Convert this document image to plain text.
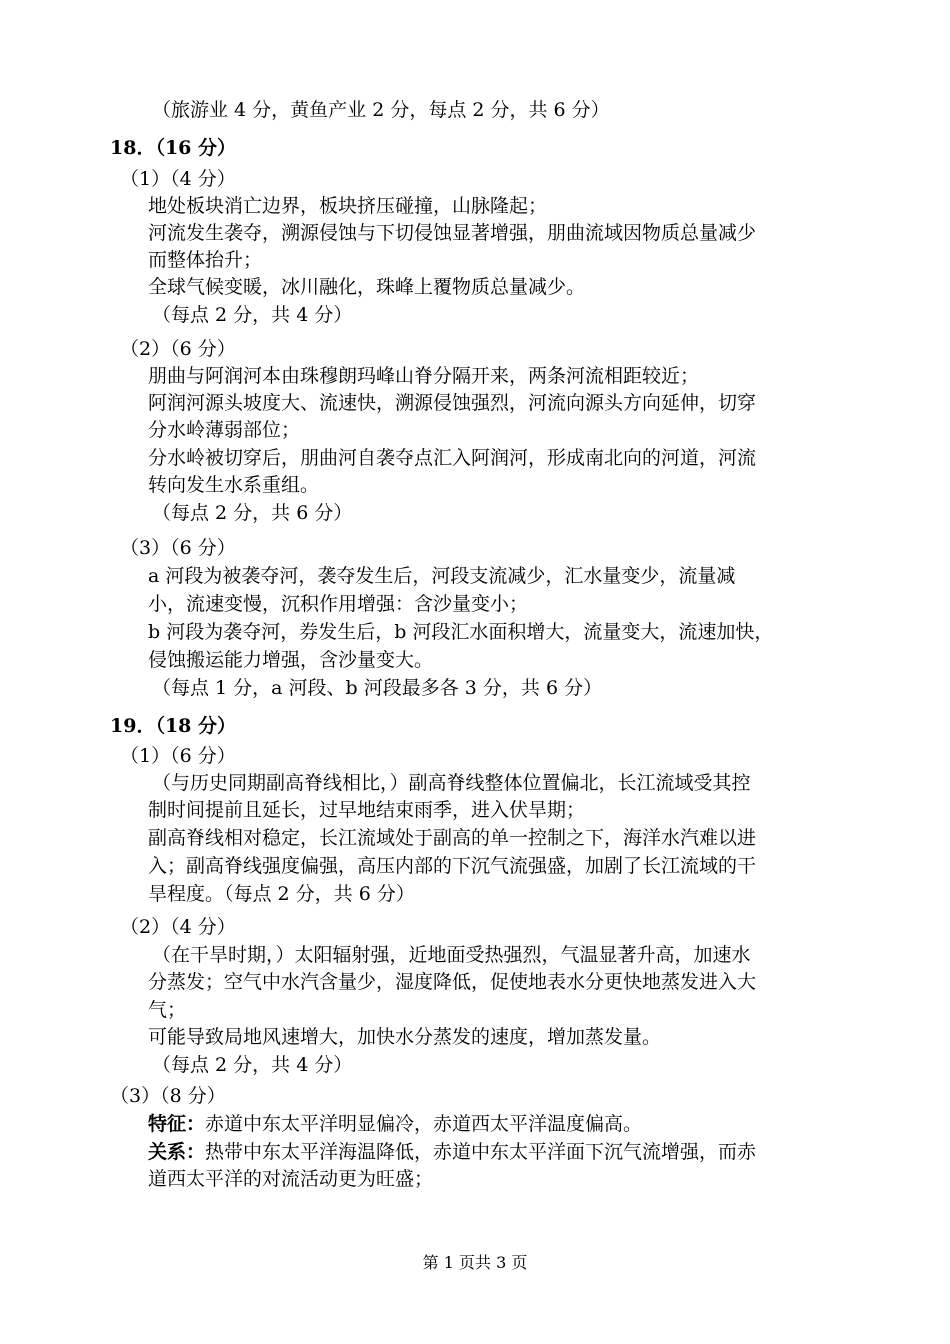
（旅游业 4 分，黄鱼产业 2 分，每点 2 分，共 6 分）
18．（16 分）
（1）（4 分）
地处板块消亡边界，板块挤压碰撞，山脉隆起；
河流发生袭夺，溯源侵蚀与下切侵蚀显著增强，朋曲流域因物质总量减少
而整体抬升；
全球气候变暖，冰川融化，珠峰上覆物质总量减少。
（每点 2 分，共 4 分）
（2）（6 分）
朋曲与阿润河本由珠穆朗玛峰山脊分隔开来，两条河流相距较近；
阿润河源头坡度大、流速快，溯源侵蚀强烈，河流向源头方向延伸，切穿
分水岭薄弱部位；
分水岭被切穿后，朋曲河自袭夺点汇入阿润河，形成南北向的河道，河流
转向发生水系重组。
（每点 2 分，共 6 分）
（3）（6 分）
a 河段为被袭夺河，袭夺发生后，河段支流减少，汇水量变少，流量减
小，流速变慢，沉积作用增强：含沙量变小；
b 河段为袭夺河，券发生后，b 河段汇水面积增大，流量变大，流速加快，
侵蚀搬运能力增强，含沙量变大。
（每点 1 分，a 河段、b 河段最多各 3 分，共 6 分）
19．（18 分）
（1）（6 分）
（与历史同期副高脊线相比，）副高脊线整体位置偏北，长江流域受其控
制时间提前且延长，过早地结束雨季，进入伏旱期；
副高脊线相对稳定，长江流域处于副高的单一控制之下，海洋水汽难以进
入；副高脊线强度偏强，高压内部的下沉气流强盛，加剧了长江流域的干
旱程度。（每点 2 分，共 6 分）
（2）（4 分）
（在干旱时期，）太阳辐射强，近地面受热强烈，气温显著升高，加速水
分蒸发；空气中水汽含量少，湿度降低，促使地表水分更快地蒸发进入大
气；
可能导致局地风速增大，加快水分蒸发的速度，增加蒸发量。
（每点 2 分，共 4 分）
（3）（8 分）
特征：赤道中东太平洋明显偏冷，赤道西太平洋温度偏高。
关系：热带中东太平洋海温降低，赤道中东太平洋面下沉气流增强，而赤
道西太平洋的对流活动更为旺盛；
第 1 页共 3 页
